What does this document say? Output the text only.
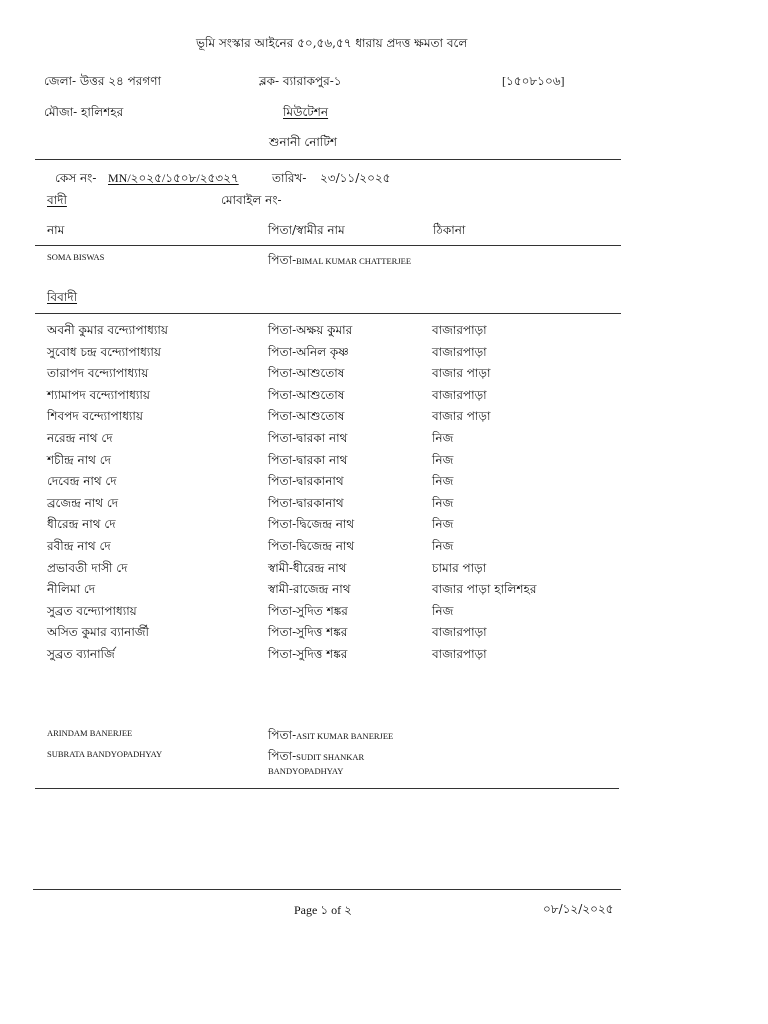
ভূমি সংস্কার আইনের ৫০,৫৬,৫৭ ধারায় প্রদত্ত ক্ষমতা বলে
জেলা- উত্তর ২৪ পরগণা	ব্লক- ব্যারাকপুর-১	[১৫০৮১০৬]
মৌজা- হালিশহর	মিউটেশন
শুনানী নোটিশ
কেস নং- MN/২০২৫/১৫০৮/২৫৩২৭	তারিখ- ২৩/১১/২০২৫
বাদী	মোবাইল নং-
নাম	পিতা/স্বামীর নাম	ঠিকানা
SOMA BISWAS	পিতা-BIMAL KUMAR CHATTERJEE
বিবাদী
অবনী কুমার বন্দ্যোপাধ্যায়	পিতা-অক্ষয় কুমার	বাজারপাড়া
সুবোধ চন্দ্র বন্দ্যোপাধ্যায়	পিতা-অনিল কৃষ্ণ	বাজারপাড়া
তারাপদ বন্দ্যোপাধ্যায়	পিতা-আশুতোষ	বাজার পাড়া
শ্যামাপদ বন্দ্যোপাধ্যায়	পিতা-আশুতোষ	বাজারপাড়া
শিবপদ বন্দ্যোপাধ্যায়	পিতা-আশুতোষ	বাজার পাড়া
নরেন্দ্র নাথ দে	পিতা-দ্বারকা নাথ	নিজ
শচীন্দ্র নাথ দে	পিতা-দ্বারকা নাথ	নিজ
দেবেন্দ্র নাথ দে	পিতা-দ্বারকানাথ	নিজ
ব্রজেন্দ্র নাথ দে	পিতা-দ্বারকানাথ	নিজ
ধীরেন্দ্র নাথ দে	পিতা-দ্বিজেন্দ্র নাথ	নিজ
রবীন্দ্র নাথ দে	পিতা-দ্বিজেন্দ্র নাথ	নিজ
প্রভাবতী দাসী দে	স্বামী-ধীরেন্দ্র নাথ	চামার পাড়া
নীলিমা দে	স্বামী-রাজেন্দ্র নাথ	বাজার পাড়া হালিশহর
সুব্রত বন্দ্যোপাধ্যায়	পিতা-সুদিত শঙ্কর	নিজ
অসিত কুমার ব্যানার্জী	পিতা-সুদিত্ত শঙ্কর	বাজারপাড়া
সুব্রত ব্যানার্জি	পিতা-সুদিত্ত শঙ্কর	বাজারপাড়া
ARINDAM BANERJEE	পিতা-ASIT KUMAR BANERJEE
SUBRATA BANDYOPADHYAY	পিতা-SUDIT SHANKAR
BANDYOPADHYAY
Page ১ of ২	০৮/১২/২০২৫
